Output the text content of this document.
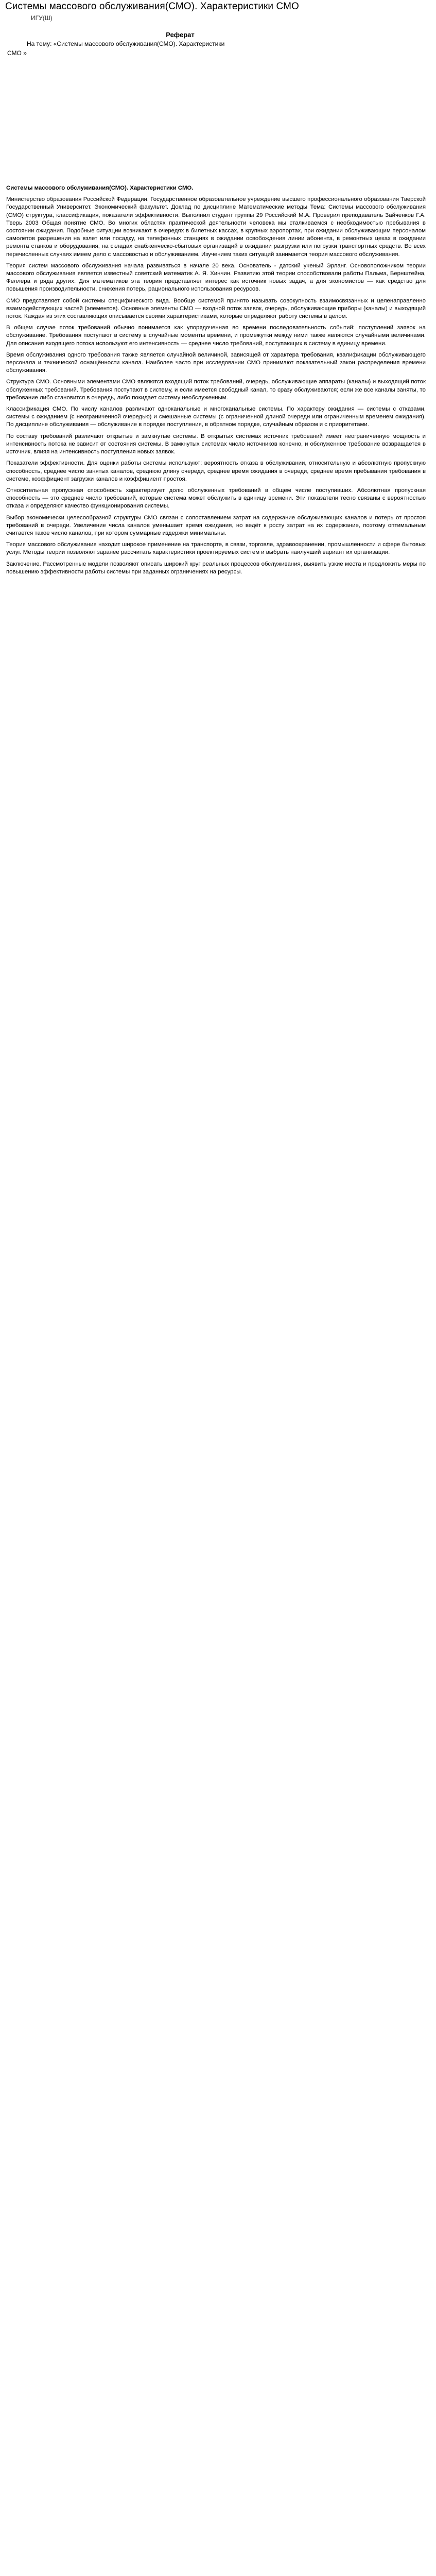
Системы массового обслуживания(СМО). Характеристики СМО
ИГУ(Ш)
Реферат
На тему: «Системы массового обслуживания(СМО). Характеристики
СМО »

Системы массового обслуживания(СМО). Характеристики СМО.

Министерство образования Российской Федерации. Государственное образовательное учреждение высшего профессионального образования Тверской Государственный Университет. Экономический факультет. Доклад по дисциплине Математические методы Тема: Системы массового обслуживания (СМО) структура, классификация, показатели эффективности. Выполнил студент группы 29 Российский М.А. Проверил преподаватель Зайченков Г.А. Тверь 2003 Общая понятие СМО. Во многих областях практической деятельности человека мы сталкиваемся с необходимостью пребывания в состоянии ожидания. Подобные ситуации возникают в очередях в билетных кассах, в крупных аэропортах, при ожидании обслуживающим персоналом самолетов разрешения на взлет или посадку, на телефонных станциях в ожидании освобождения линии абонента, в ремонтных цехах в ожидании ремонта станков и оборудования, на складах снабженческо-сбытовых организаций в ожидании разгрузки или погрузки транспортных средств. Во всех перечисленных случаях имеем дело с массовостью и обслуживанием. Изучением таких ситуаций занимается теория массового обслуживания.

Теория систем массового обслуживания начала развиваться в начале 20 века. Основатель - датский ученый Эрланг. Основоположником теории массового обслуживания является известный советский математик А. Я. Хинчин. Развитию этой теории способствовали работы Пальма, Бернштейна, Феллера и ряда других. Для математиков эта теория представляет интерес как источник новых задач, а для экономистов — как средство для повышения производительности, снижения потерь, рационального использования ресурсов.

СМО представляет собой системы специфического вида. Вообще системой принято называть совокупность взаимосвязанных и целенаправленно взаимодействующих частей (элементов). Основные элементы СМО — входной поток заявок, очередь, обслуживающие приборы (каналы) и выходящий поток. Каждая из этих составляющих описывается своими характеристиками, которые определяют работу системы в целом.

В общем случае поток требований обычно понимается как упорядоченная во времени последовательность событий: поступлений заявок на обслуживание. Требования поступают в систему в случайные моменты времени, и промежутки между ними также являются случайными величинами. Для описания входящего потока используют его интенсивность — среднее число требований, поступающих в систему в единицу времени.

Время обслуживания одного требования также является случайной величиной, зависящей от характера требования, квалификации обслуживающего персонала и технической оснащённости канала. Наиболее часто при исследовании СМО принимают показательный закон распределения времени обслуживания.

Структура СМО. Основными элементами СМО являются входящий поток требований, очередь, обслуживающие аппараты (каналы) и выходящий поток обслуженных требований. Требования поступают в систему, и если имеется свободный канал, то сразу обслуживаются; если же все каналы заняты, то требование либо становится в очередь, либо покидает систему необслуженным.

Классификация СМО. По числу каналов различают одноканальные и многоканальные системы. По характеру ожидания — системы с отказами, системы с ожиданием (с неограниченной очередью) и смешанные системы (с ограниченной длиной очереди или ограниченным временем ожидания). По дисциплине обслуживания — обслуживание в порядке поступления, в обратном порядке, случайным образом и с приоритетами.

По составу требований различают открытые и замкнутые системы. В открытых системах источник требований имеет неограниченную мощность и интенсивность потока не зависит от состояния системы. В замкнутых системах число источников конечно, и обслуженное требование возвращается в источник, влияя на интенсивность поступления новых заявок.

Показатели эффективности. Для оценки работы системы используют: вероятность отказа в обслуживании, относительную и абсолютную пропускную способность, среднее число занятых каналов, среднюю длину очереди, среднее время ожидания в очереди, среднее время пребывания требования в системе, коэффициент загрузки каналов и коэффициент простоя.

Относительная пропускная способность характеризует долю обслуженных требований в общем числе поступивших. Абсолютная пропускная способность — это среднее число требований, которые система может обслужить в единицу времени. Эти показатели тесно связаны с вероятностью отказа и определяют качество функционирования системы.

Выбор экономически целесообразной структуры СМО связан с сопоставлением затрат на содержание обслуживающих каналов и потерь от простоя требований в очереди. Увеличение числа каналов уменьшает время ожидания, но ведёт к росту затрат на их содержание, поэтому оптимальным считается такое число каналов, при котором суммарные издержки минимальны.

Теория массового обслуживания находит широкое применение на транспорте, в связи, торговле, здравоохранении, промышленности и сфере бытовых услуг. Методы теории позволяют заранее рассчитать характеристики проектируемых систем и выбрать наилучший вариант их организации.

Заключение. Рассмотренные модели позволяют описать широкий круг реальных процессов обслуживания, выявить узкие места и предложить меры по повышению эффективности работы системы при заданных ограничениях на ресурсы.
